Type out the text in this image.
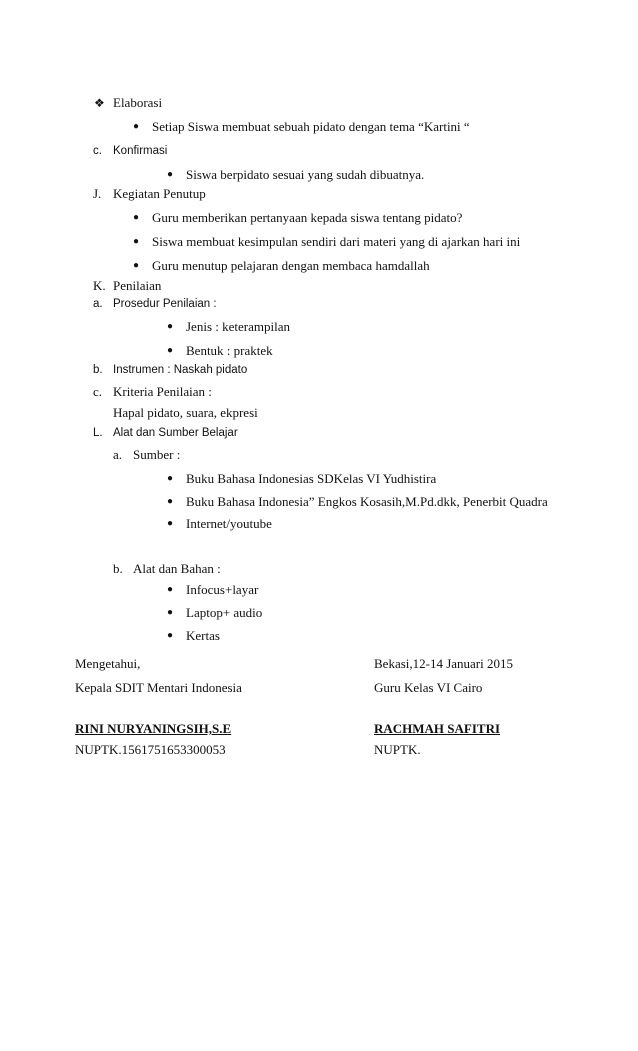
❖ Elaborasi
● Setiap Siswa membuat sebuah pidato dengan tema “Kartini “
c. Konfirmasi
● Siswa berpidato sesuai yang sudah dibuatnya.
J. Kegiatan Penutup
● Guru memberikan pertanyaan kepada siswa tentang pidato?
● Siswa membuat kesimpulan sendiri dari materi yang di ajarkan hari ini
● Guru menutup pelajaran dengan membaca hamdallah
K. Penilaian
a. Prosedur Penilaian :
● Jenis : keterampilan
● Bentuk : praktek
b. Instrumen : Naskah pidato
c. Kriteria Penilaian :
Hapal pidato, suara, ekpresi
L. Alat dan Sumber Belajar
a. Sumber :
● Buku Bahasa Indonesias SDKelas VI Yudhistira
● Buku Bahasa Indonesia” Engkos Kosasih,M.Pd.dkk, Penerbit Quadra
● Internet/youtube
b. Alat dan Bahan :
● Infocus+layar
● Laptop+ audio
● Kertas
Mengetahui,
Kepala SDIT Mentari Indonesia
RINI NURYANINGSIH,S.E
NUPTK.1561751653300053
Bekasi,12-14 Januari 2015
Guru Kelas VI Cairo
RACHMAH SAFITRI
NUPTK.
